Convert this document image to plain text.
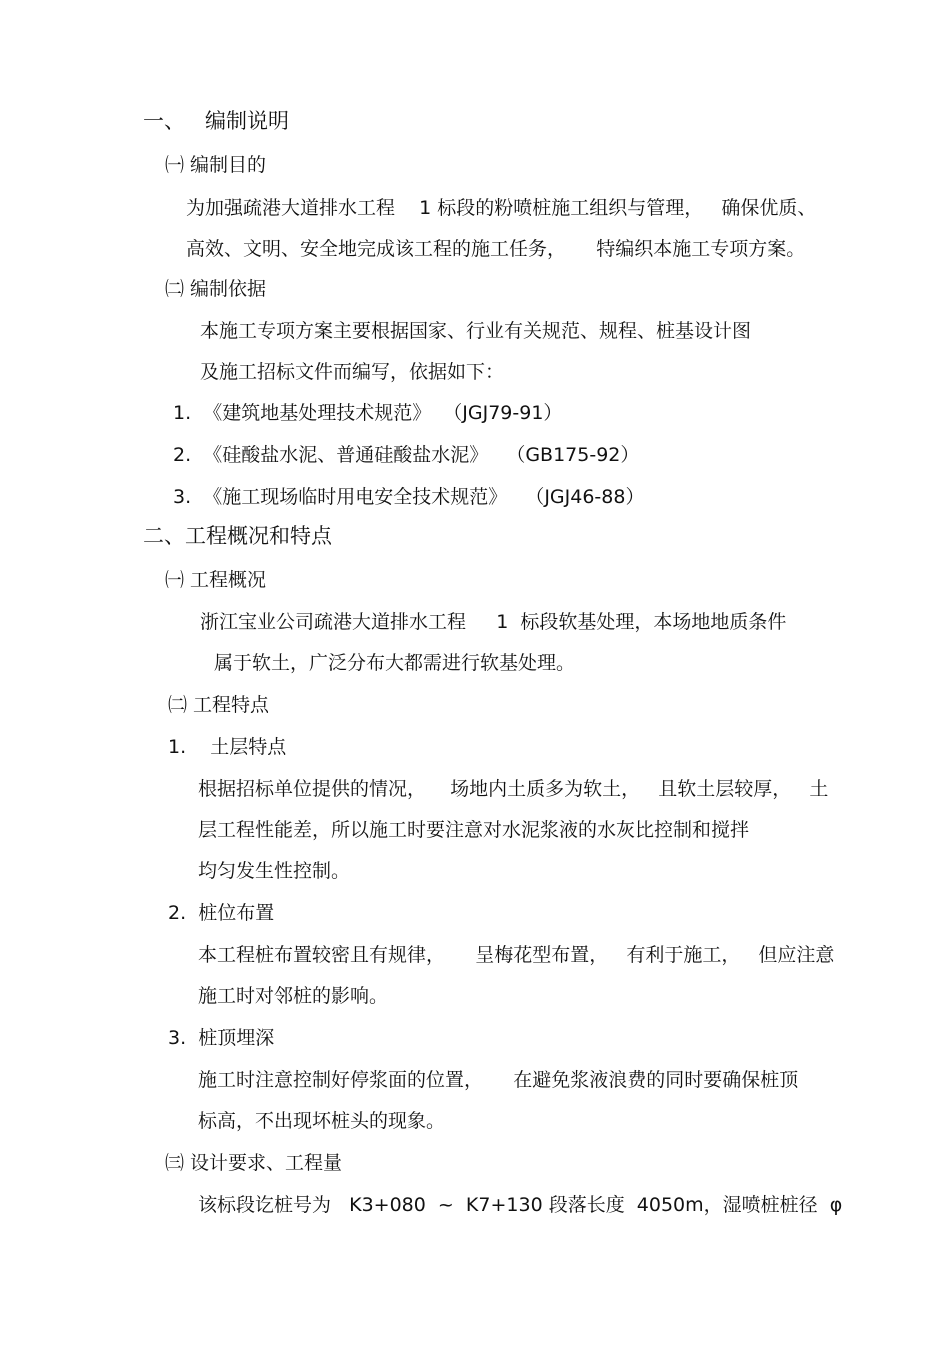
一、   编制说明
㈠ 编制目的
为加强疏港大道排水工程    1 标段的粉喷桩施工组织与管理，   确保优质、
高效、文明、安全地完成该工程的施工任务，     特编织本施工专项方案。
㈡ 编制依据
本施工专项方案主要根据国家、行业有关规范、规程、桩基设计图
及施工招标文件而编写，依据如下：
1.  《建筑地基处理技术规范》  （JGJ79-91）
2.  《硅酸盐水泥、普通硅酸盐水泥》   （GB175-92）
3.  《施工现场临时用电安全技术规范》   （JGJ46-88）
二、工程概况和特点
㈠ 工程概况
浙江宝业公司疏港大道排水工程     1  标段软基处理，本场地地质条件
属于软土，广泛分布大都需进行软基处理。
㈡ 工程特点
1.    土层特点
根据招标单位提供的情况，    场地内土质多为软土，   且软土层较厚，   土
层工程性能差，所以施工时要注意对水泥浆液的水灰比控制和搅拌
均匀发生性控制。
2.  桩位布置
本工程桩布置较密且有规律，     呈梅花型布置，   有利于施工，   但应注意
施工时对邻桩的影响。
3.  桩顶埋深
施工时注意控制好停浆面的位置，     在避免浆液浪费的同时要确保桩顶
标高，不出现坏桩头的现象。
㈢ 设计要求、工程量
该标段讫桩号为   K3+080  ~  K7+130 段落长度  4050m，湿喷桩桩径  φ
